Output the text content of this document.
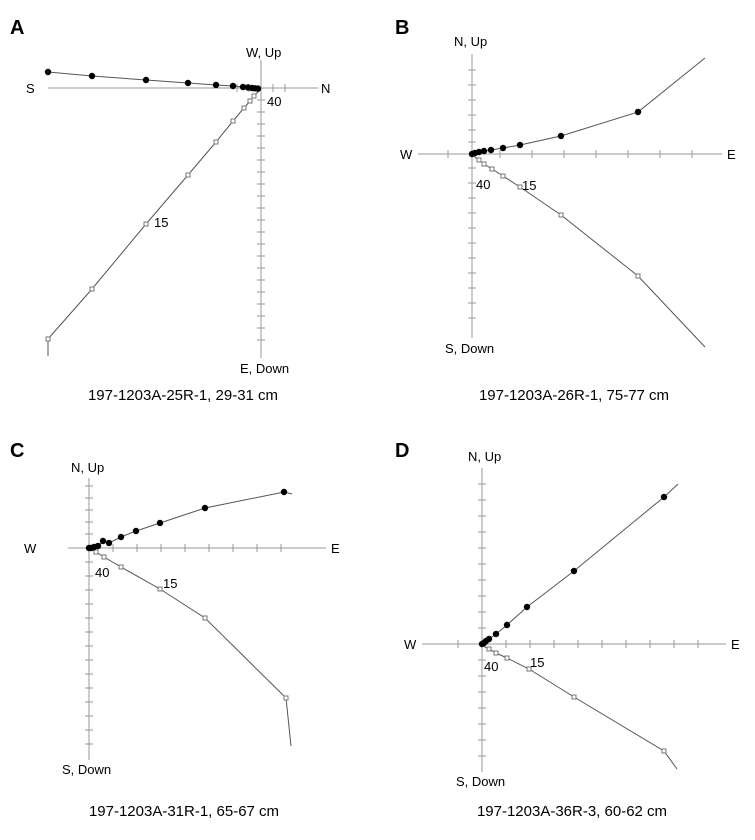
A
S	N
W, Up
E, Down
40
15
197-1203A-25R-1, 29-31 cm
B
W	E
N, Up
S, Down
40 15
197-1203A-26R-1, 75-77 cm
C
W	E
N, Up
S, Down
40
15
197-1203A-31R-1, 65-67 cm
D
W	E
N, Up
S, Down
40 15
197-1203A-36R-3, 60-62 cm
